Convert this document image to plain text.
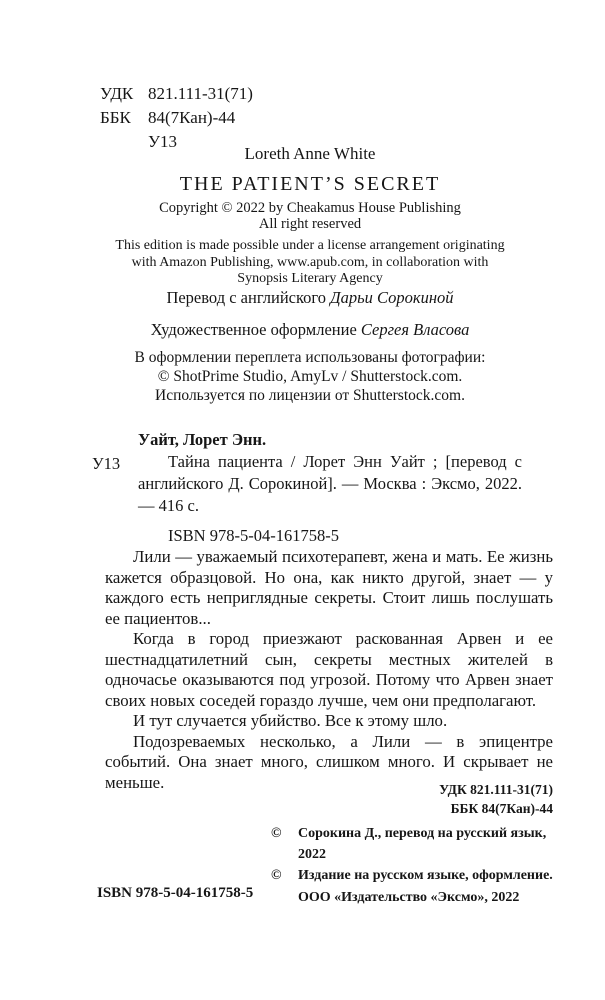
УДК 821.111-31(71)
ББК	84(7Кан)-44
У13
Loreth Anne White
THE PATIENT’S SECRET
Copyright © 2022 by Cheakamus House Publishing
All right reserved
This edition is made possible under a license arrangement originating
with Amazon Publishing, www.apub.com, in collaboration with
Synopsis Literary Agency
Перевод с английского Дарьи Сорокиной
Художественное оформление Сергея Власова
В оформлении переплета использованы фотографии:
© ShotPrime Studio, AmyLv / Shutterstock.com.
Используется по лицензии от Shutterstock.com.
Уайт, Лорет Энн.
У13	Тайна пациента / Лорет Энн Уайт ; [перевод с английского Д. Сорокиной]. — Москва : Эксмо, 2022. — 416 с.
ISBN 978-5-04-161758-5

Лили — уважаемый психотерапевт, жена и мать. Ее жизнь кажется образцовой. Но она, как никто другой, знает — у каждого есть неприглядные секреты. Стоит лишь послушать ее пациентов...

Когда в город приезжают раскованная Арвен и ее шестнадцатилетний сын, секреты местных жителей в одночасье оказываются под угрозой. Потому что Арвен знает своих новых соседей гораздо лучше, чем они предполагают.

И тут случается убийство. Все к этому шло.

Подозреваемых несколько, а Лили — в эпицентре событий. Она знает много, слишком много. И скрывает не меньше.	УДК 821.111-31(71)
ББК 84(7Кан)-44
©	Сорокина Д., перевод на русский язык,
2022
©	Издание на русском языке, оформление.
ООО «Издательство «Эксмо», 2022
ISBN 978-5-04-161758-5
